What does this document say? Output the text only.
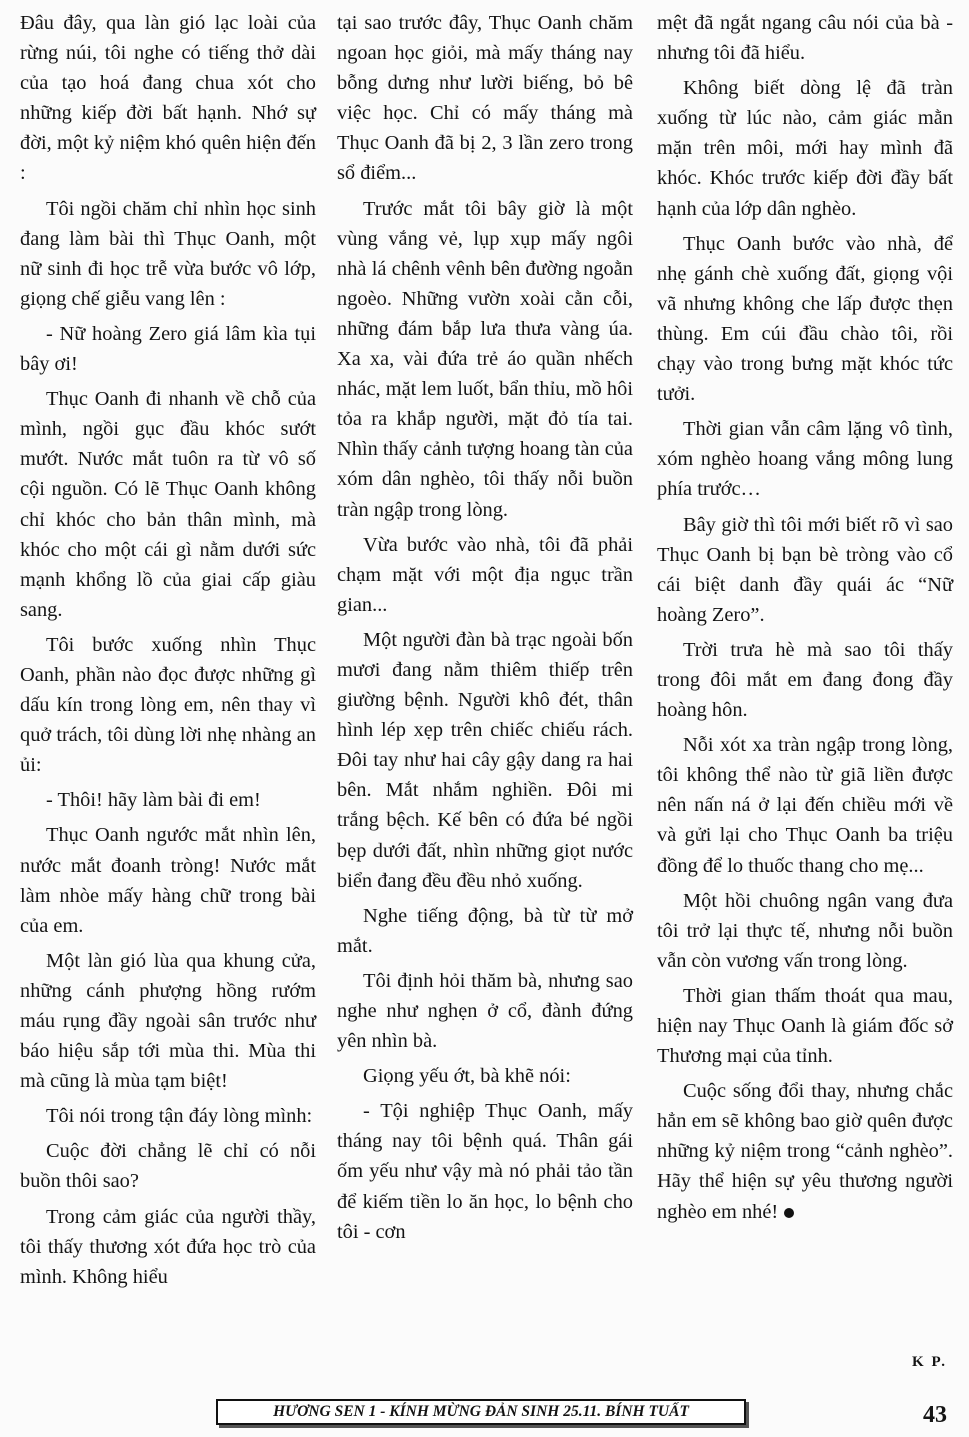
Đâu đây, qua làn gió lạc loài của rừng núi, tôi nghe có tiếng thở dài của tạo hoá đang chua xót cho những kiếp đời bất hạnh. Nhớ sự đời, một kỷ niệm khó quên hiện đến :

Tôi ngồi chăm chỉ nhìn học sinh đang làm bài thì Thục Oanh, một nữ sinh đi học trễ vừa bước vô lớp, giọng chế giễu vang lên :

- Nữ hoàng Zero giá lâm kìa tụi bây ơi!

Thục Oanh đi nhanh về chỗ của mình, ngồi gục đầu khóc sướt mướt. Nước mắt tuôn ra từ vô số cội nguồn. Có lẽ Thục Oanh không chỉ khóc cho bản thân mình, mà khóc cho một cái gì nằm dưới sức mạnh khổng lồ của giai cấp giàu sang.

Tôi bước xuống nhìn Thục Oanh, phần nào đọc được những gì dấu kín trong lòng em, nên thay vì quở trách, tôi dùng lời nhẹ nhàng an ủi:

- Thôi! hãy làm bài đi em!

Thục Oanh ngước mắt nhìn lên, nước mắt đoanh tròng! Nước mắt làm nhòe mấy hàng chữ trong bài của em.

Một làn gió lùa qua khung cửa, những cánh phượng hồng rướm máu rụng đầy ngoài sân trước như báo hiệu sắp tới mùa thi. Mùa thi mà cũng là mùa tạm biệt!

Tôi nói trong tận đáy lòng mình:

Cuộc đời chẳng lẽ chỉ có nỗi buồn thôi sao?

Trong cảm giác của người thầy, tôi thấy thương xót đứa học trò của mình. Không hiểu

tại sao trước đây, Thục Oanh chăm ngoan học giỏi, mà mấy tháng nay bỗng dưng như lười biếng, bỏ bê việc học. Chỉ có mấy tháng mà Thục Oanh đã bị 2, 3 lần zero trong sổ điểm...

Trước mắt tôi bây giờ là một vùng vắng vẻ, lụp xụp mấy ngôi nhà lá chênh vênh bên đường ngoằn ngoèo. Những vườn xoài cằn cỗi, những đám bắp lưa thưa vàng úa. Xa xa, vài đứa trẻ áo quần nhếch nhác, mặt lem luốt, bẩn thỉu, mồ hôi tỏa ra khắp người, mặt đỏ tía tai. Nhìn thấy cảnh tượng hoang tàn của xóm dân nghèo, tôi thấy nỗi buồn tràn ngập trong lòng.

Vừa bước vào nhà, tôi đã phải chạm mặt với một địa ngục trần gian...

Một người đàn bà trạc ngoài bốn mươi đang nằm thiêm thiếp trên giường bệnh. Người khô đét, thân hình lép xẹp trên chiếc chiếu rách. Đôi tay như hai cây gậy dang ra hai bên. Mắt nhắm nghiền. Đôi mi trắng bệch. Kế bên có đứa bé ngồi bẹp dưới đất, nhìn những giọt nước biển đang đều đều nhỏ xuống.

Nghe tiếng động, bà từ từ mở mắt.

Tôi định hỏi thăm bà, nhưng sao nghe như nghẹn ở cổ, đành đứng yên nhìn bà.

Giọng yếu ớt, bà khẽ nói:

- Tội nghiệp Thục Oanh, mấy tháng nay tôi bệnh quá. Thân gái ốm yếu như vậy mà nó phải tảo tần để kiếm tiền lo ăn học, lo bệnh cho tôi - cơn

mệt đã ngắt ngang câu nói của bà - nhưng tôi đã hiểu.

Không biết dòng lệ đã tràn xuống từ lúc nào, cảm giác mằn mặn trên môi, mới hay mình đã khóc. Khóc trước kiếp đời đầy bất hạnh của lớp dân nghèo.

Thục Oanh bước vào nhà, để nhẹ gánh chè xuống đất, giọng vội vã nhưng không che lấp được thẹn thùng. Em cúi đầu chào tôi, rồi chạy vào trong bưng mặt khóc tức tưởi.

Thời gian vẫn câm lặng vô tình, xóm nghèo hoang vắng mông lung phía trước…

Bây giờ thì tôi mới biết rõ vì sao Thục Oanh bị bạn bè tròng vào cổ cái biệt danh đầy quái ác “Nữ hoàng Zero”.

Trời trưa hè mà sao tôi thấy trong đôi mắt em đang đong đầy hoàng hôn.

Nỗi xót xa tràn ngập trong lòng, tôi không thể nào từ giã liền được nên nấn ná ở lại đến chiều mới về và gửi lại cho Thục Oanh ba triệu đồng để lo thuốc thang cho mẹ...

Một hồi chuông ngân vang đưa tôi trở lại thực tế, nhưng nỗi buồn vẫn còn vương vấn trong lòng.

Thời gian thấm thoát qua mau, hiện nay Thục Oanh là giám đốc sở Thương mại của tỉnh.

Cuộc sống đổi thay, nhưng chắc hẳn em sẽ không bao giờ quên được những kỷ niệm trong “cảnh nghèo”. Hãy thể hiện sự yêu thương người nghèo em nhé!

K P.
HƯƠNG SEN 1 - KÍNH MỪNG ĐẢN SINH 25.11. BÍNH TUẤT	43
